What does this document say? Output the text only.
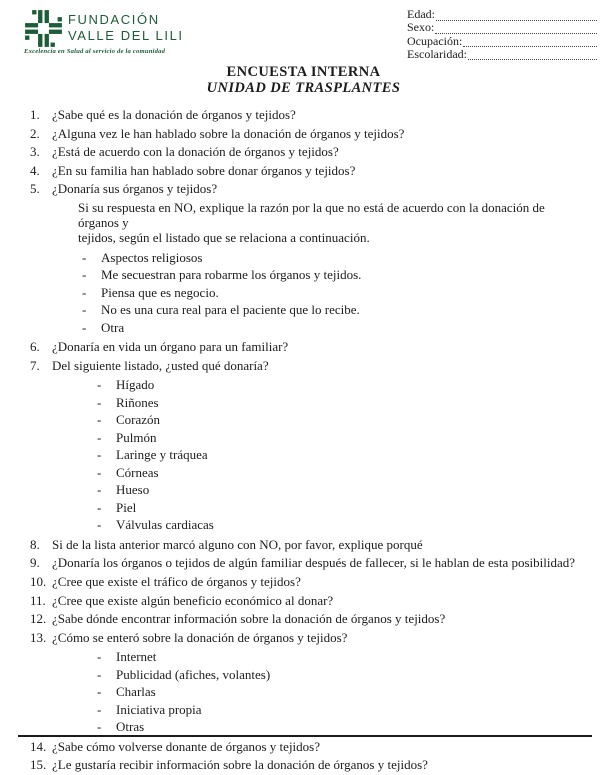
FUNDACIÓN
VALLE DEL LILI
Excelencia en Salud al servicio de la comunidad
Edad:
Sexo:
Ocupación:
Escolaridad:
ENCUESTA INTERNA
UNIDAD DE TRASPLANTES
1. ¿Sabe qué es la donación de órganos y tejidos?
2. ¿Alguna vez le han hablado sobre la donación de órganos y tejidos?
3. ¿Está de acuerdo con la donación de órganos y tejidos?
4. ¿En su familia han hablado sobre donar órganos y tejidos?
5. ¿Donaría sus órganos y tejidos?
Si su respuesta en NO, explique la razón por la que no está de acuerdo con la donación de órganos y
tejidos, según el listado que se relaciona a continuación.
-	Aspectos religiosos
-	Me secuestran para robarme los órganos y tejidos.
-	Piensa que es negocio.
-	No es una cura real para el paciente que lo recibe.
-	Otra
6. ¿Donaría en vida un órgano para un familiar?
7. Del siguiente listado, ¿usted qué donaría?
-	Hígado
-	Riñones
-	Corazón
-	Pulmón
-	Laringe y tráquea
-	Córneas
-	Hueso
-	Piel
-	Válvulas cardiacas
8. Si de la lista anterior marcó alguno con NO, por favor, explique porqué
9. ¿Donaría los órganos o tejidos de algún familiar después de fallecer, si le hablan de esta posibilidad?
10. ¿Cree que existe el tráfico de órganos y tejidos?
11. ¿Cree que existe algún beneficio económico al donar?
12. ¿Sabe dónde encontrar información sobre la donación de órganos y tejidos?
13. ¿Cómo se enteró sobre la donación de órganos y tejidos?
-	Internet
-	Publicidad (afiches, volantes)
-	Charlas
-	Iniciativa propia
-	Otras
14. ¿Sabe cómo volverse donante de órganos y tejidos?
15. ¿Le gustaría recibir información sobre la donación de órganos y tejidos?
